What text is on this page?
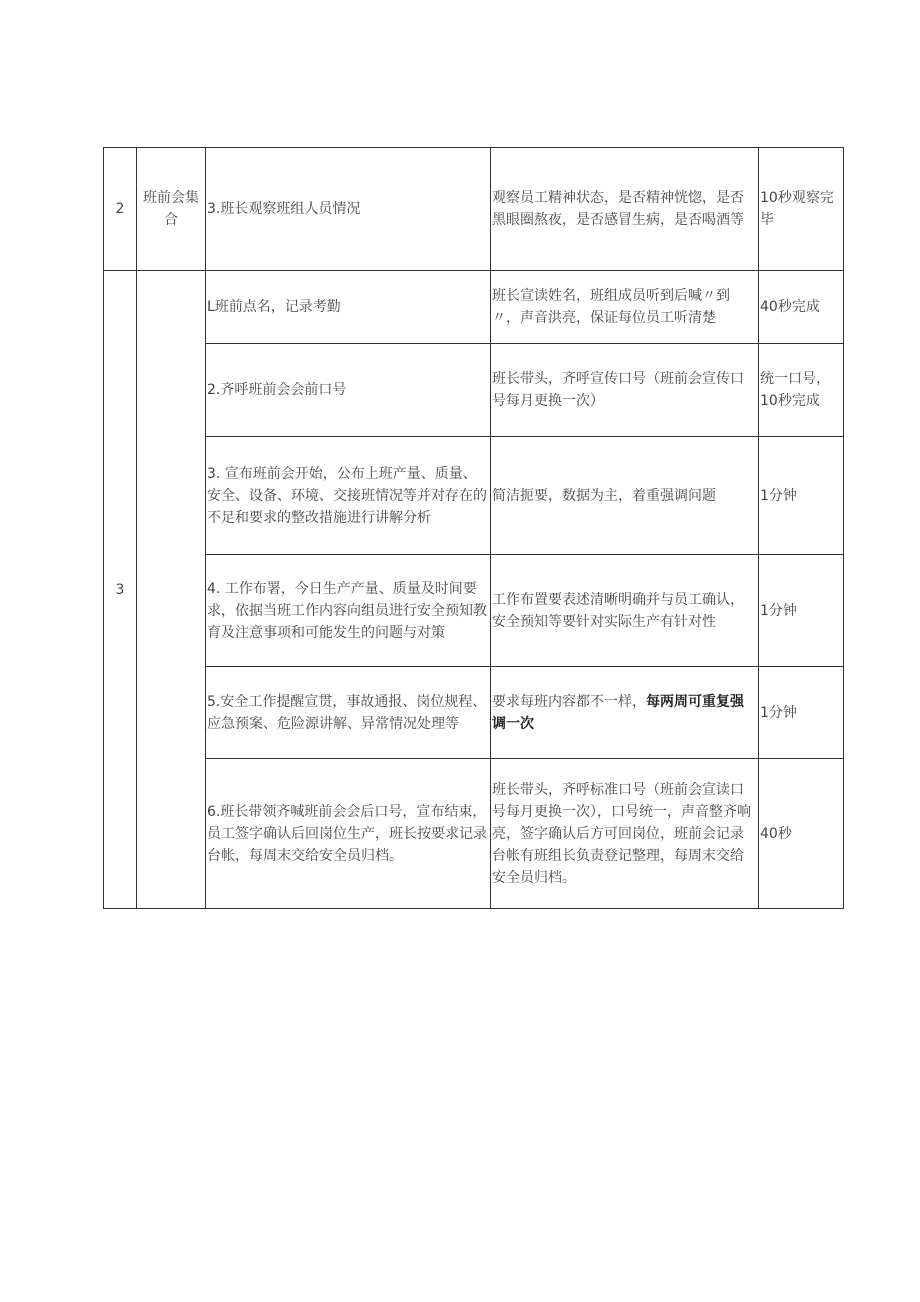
2	班前会集合	3.班长观察班组人员情况	观察员工精神状态，是否精神恍惚，是否黑眼圈熬夜，是否感冒生病，是否喝酒等	10秒观察完毕
3		L班前点名，记录考勤	班长宣读姓名，班组成员听到后喊〃到〃，声音洪亮，保证每位员工听清楚	40秒完成
		2.齐呼班前会会前口号	班长带头，齐呼宣传口号（班前会宣传口号每月更换一次）	统一口号，10秒完成
		3. 宣布班前会开始，公布上班产量、质量、安全、设备、环境、交接班情况等并对存在的不足和要求的整改措施进行讲解分析	简洁扼要，数据为主，着重强调问题	1分钟
		4. 工作布署，今日生产产量、质量及时间要求，依据当班工作内容向组员进行安全预知教育及注意事项和可能发生的问题与对策	工作布置要表述清晰明确并与员工确认，安全预知等要针对实际生产有针对性	1分钟
		5.安全工作提醒宣贯，事故通报、岗位规程、应急预案、危险源讲解、异常情况处理等	要求每班内容都不一样，每两周可重复强调一次	1分钟
		6.班长带领齐喊班前会会后口号，宣布结束，员工签字确认后回岗位生产，班长按要求记录台帐，每周末交给安全员归档。	班长带头，齐呼标准口号（班前会宣读口号每月更换一次），口号统一，声音整齐响亮，签字确认后方可回岗位，班前会记录台帐有班组长负责登记整理，每周末交给安全员归档。	40秒
